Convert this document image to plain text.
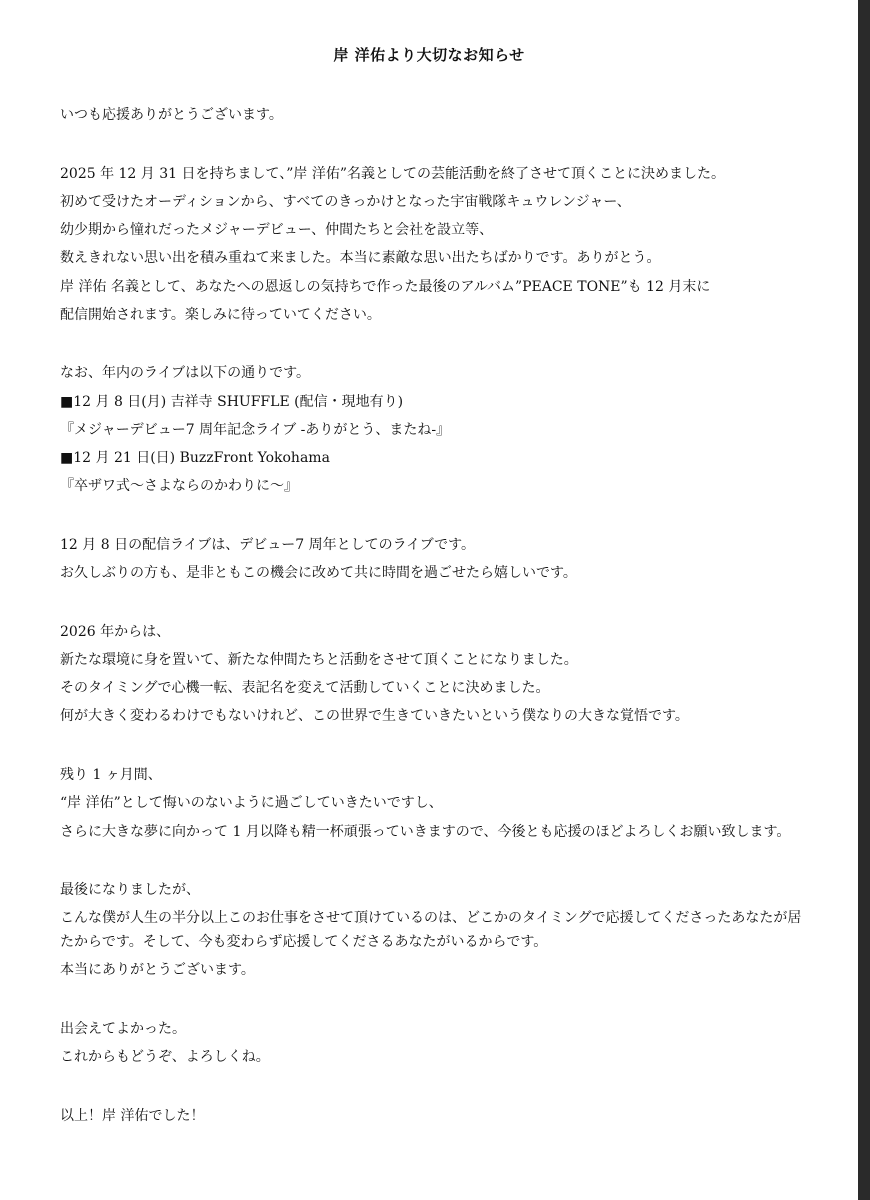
岸 洋佑より大切なお知らせ
いつも応援ありがとうございます。
2025 年 12 月 31 日を持ちまして、”岸 洋佑”名義としての芸能活動を終了させて頂くことに決めました。
初めて受けたオーディションから、すべてのきっかけとなった宇宙戦隊キュウレンジャー、
幼少期から憧れだったメジャーデビュー、仲間たちと会社を設立等、
数えきれない思い出を積み重ねて来ました。本当に素敵な思い出たちばかりです。ありがとう。
岸 洋佑 名義として、あなたへの恩返しの気持ちで作った最後のアルバム”PEACE TONE”も 12 月末に
配信開始されます。楽しみに待っていてください。
なお、年内のライブは以下の通りです。
■12 月 8 日(月) 吉祥寺 SHUFFLE (配信・現地有り)
『メジャーデビュー7 周年記念ライブ -ありがとう、またね-』
■12 月 21 日(日) BuzzFront Yokohama
『卒ザワ式〜さよならのかわりに〜』
12 月 8 日の配信ライブは、デビュー7 周年としてのライブです。
お久しぶりの方も、是非ともこの機会に改めて共に時間を過ごせたら嬉しいです。
2026 年からは、
新たな環境に身を置いて、新たな仲間たちと活動をさせて頂くことになりました。
そのタイミングで心機一転、表記名を変えて活動していくことに決めました。
何が大きく変わるわけでもないけれど、この世界で生きていきたいという僕なりの大きな覚悟です。
残り 1 ヶ月間、
“岸 洋佑”として悔いのないように過ごしていきたいですし、
さらに大きな夢に向かって 1 月以降も精一杯頑張っていきますので、今後とも応援のほどよろしくお願い致します。
最後になりましたが、
こんな僕が人生の半分以上このお仕事をさせて頂けているのは、どこかのタイミングで応援してくださったあなたが居たからです。そして、今も変わらず応援してくださるあなたがいるからです。
本当にありがとうございます。
出会えてよかった。
これからもどうぞ、よろしくね。
以上！岸 洋佑でした！
